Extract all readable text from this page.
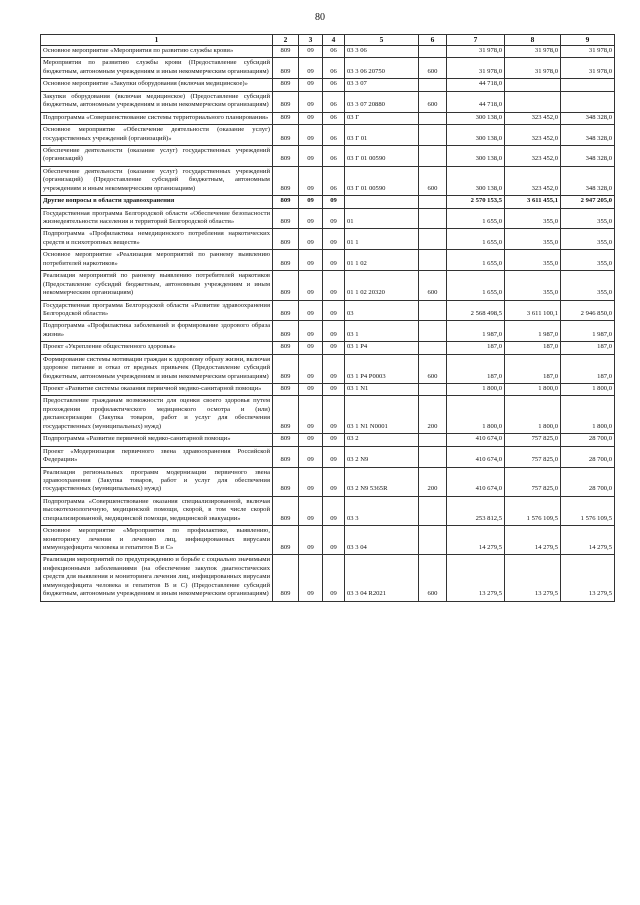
80
1	2	3	4	5	6	7	8	9
Основное мероприятие «Мероприятия по развитию службы крови»	809	09	06	03 3 06		31 978,0	31 978,0	31 978,0
Мероприятия по развитию службы крови (Предоставление субсидий бюджетным, автономным учреждениям и иным некоммерческим организациям)	809	09	06	03 3 06 20750	600	31 978,0	31 978,0	31 978,0
Основное мероприятие «Закупки оборудования (включая медицинское)»	809	09	06	03 3 07		44 718,0		
Закупки оборудования (включая медицинское) (Предоставление субсидий бюджетным, автономным учреждениям и иным некоммерческим организациям)	809	09	06	03 3 07 20880	600	44 718,0		
Подпрограмма «Совершенствование системы территориального планирования»	809	09	06	03 Г		300 138,0	323 452,0	348 328,0
Основное мероприятие «Обеспечение деятельности (оказание услуг) государственных учреждений (организаций)»	809	09	06	03 Г 01		300 138,0	323 452,0	348 328,0
Обеспечение деятельности (оказание услуг) государственных учреждений (организаций)	809	09	06	03 Г 01 00590		300 138,0	323 452,0	348 328,0
Обеспечение деятельности (оказание услуг) государственных учреждений (организаций) (Предоставление субсидий бюджетным, автономным учреждениям и иным некоммерческим организациям)	809	09	06	03 Г 01 00590	600	300 138,0	323 452,0	348 328,0
Другие вопросы в области здравоохранения	809	09	09			2 570 153,5	3 611 455,1	2 947 205,0
Государственная программа Белгородской области «Обеспечение безопасности жизнедеятельности населения и территорий Белгородской области»	809	09	09	01		1 655,0	355,0	355,0
Подпрограмма «Профилактика немедицинского потребления наркотических средств и психотропных веществ»	809	09	09	01 1		1 655,0	355,0	355,0
Основное мероприятие «Реализация мероприятий по раннему выявлению потребителей наркотиков»	809	09	09	01 1 02		1 655,0	355,0	355,0
Реализация мероприятий по раннему выявлению потребителей наркотиков (Предоставление субсидий бюджетным, автономным учреждениям и иным некоммерческим организациям)	809	09	09	01 1 02 20320	600	1 655,0	355,0	355,0
Государственная программа Белгородской области «Развитие здравоохранения Белгородской области»	809	09	09	03		2 568 498,5	3 611 100,1	2 946 850,0
Подпрограмма «Профилактика заболеваний и формирование здорового образа жизни»	809	09	09	03 1		1 987,0	1 987,0	1 987,0
Проект «Укрепление общественного здоровья»	809	09	09	03 1 P4		187,0	187,0	187,0
Формирование системы мотивации граждан к здоровому образу жизни, включая здоровое питание и отказ от вредных привычек (Предоставление субсидий бюджетным, автономным учреждениям и иным некоммерческим организациям)	809	09	09	03 1 P4 P0003	600	187,0	187,0	187,0
Проект «Развитие системы оказания первичной медико-санитарной помощи»	809	09	09	03 1 N1		1 800,0	1 800,0	1 800,0
Предоставление гражданам возможности для оценки своего здоровья путем прохождения профилактического медицинского осмотра и (или) диспансеризации (Закупка товаров, работ и услуг для обеспечения государственных (муниципальных) нужд)	809	09	09	03 1 N1 N0001	200	1 800,0	1 800,0	1 800,0
Подпрограмма «Развитие первичной медико-санитарной помощи»	809	09	09	03 2		410 674,0	757 825,0	28 700,0
Проект «Модернизация первичного звена здравоохранения Российской Федерации»	809	09	09	03 2 N9		410 674,0	757 825,0	28 700,0
Реализация региональных программ модернизации первичного звена здравоохранения (Закупка товаров, работ и услуг для обеспечения государственных (муниципальных) нужд)	809	09	09	03 2 N9 5365R	200	410 674,0	757 825,0	28 700,0
Подпрограмма «Совершенствование оказания специализированной, включая высокотехнологичную, медицинской помощи, скорой, в том числе скорой специализированной, медицинской помощи, медицинской эвакуации»	809	09	09	03 3		253 812,5	1 576 109,5	1 576 109,5
Основное мероприятие «Мероприятия по профилактике, выявлению, мониторингу лечения и лечению лиц, инфицированных вирусами иммунодефицита человека и гепатитов В и С»	809	09	09	03 3 04		14 279,5	14 279,5	14 279,5
Реализация мероприятий по предупреждению и борьбе с социально значимыми инфекционными заболеваниями (на обеспечение закупок диагностических средств для выявления и мониторинга лечения лиц, инфицированных вирусами иммунодефицита человека и гепатитов В и С) (Предоставление субсидий бюджетным, автономным учреждениям и иным некоммерческим организациям)	809	09	09	03 3 04 R2021	600	13 279,5	13 279,5	13 279,5
